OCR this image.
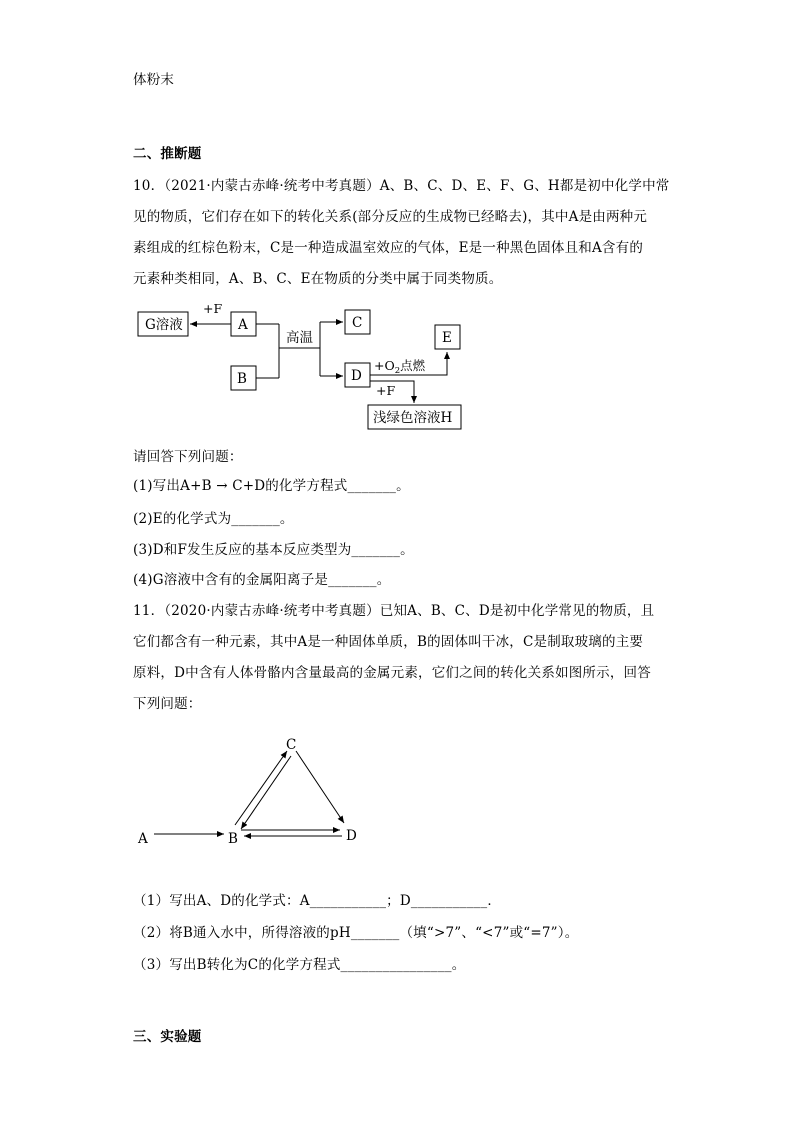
体粉末
二、推断题
10．（2021·内蒙古赤峰·统考中考真题）A、B、C、D、E、F、G、H都是初中化学中常
见的物质，它们存在如下的转化关系(部分反应的生成物已经略去)，其中A是由两种元
素组成的红棕色粉末，C是一种造成温室效应的气体，E是一种黑色固体且和A含有的
元素种类相同，A、B、C、E在物质的分类中属于同类物质。
G溶液	A
B
C
D
E
浅绿色溶液H
+F
高温
$+O_2$点燃
+F
请回答下列问题：
(1)写出A+B → C+D的化学方程式_______。
(2)E的化学式为_______。
(3)D和F发生反应的基本反应类型为_______。
(4)G溶液中含有的金属阳离子是_______。
11．（2020·内蒙古赤峰·统考中考真题）已知A、B、C、D是初中化学常见的物质，且
它们都含有一种元素，其中A是一种固体单质，B的固体叫干冰，C是制取玻璃的主要
原料，D中含有人体骨骼内含量最高的金属元素，它们之间的转化关系如图所示，回答
下列问题：
A	B
C
D
（1）写出A、D的化学式：A___________；D___________．
（2）将B通入水中，所得溶液的pH_______（填“>7”、“<7”或“=7”）。
（3）写出B转化为C的化学方程式________________。
三、实验题
